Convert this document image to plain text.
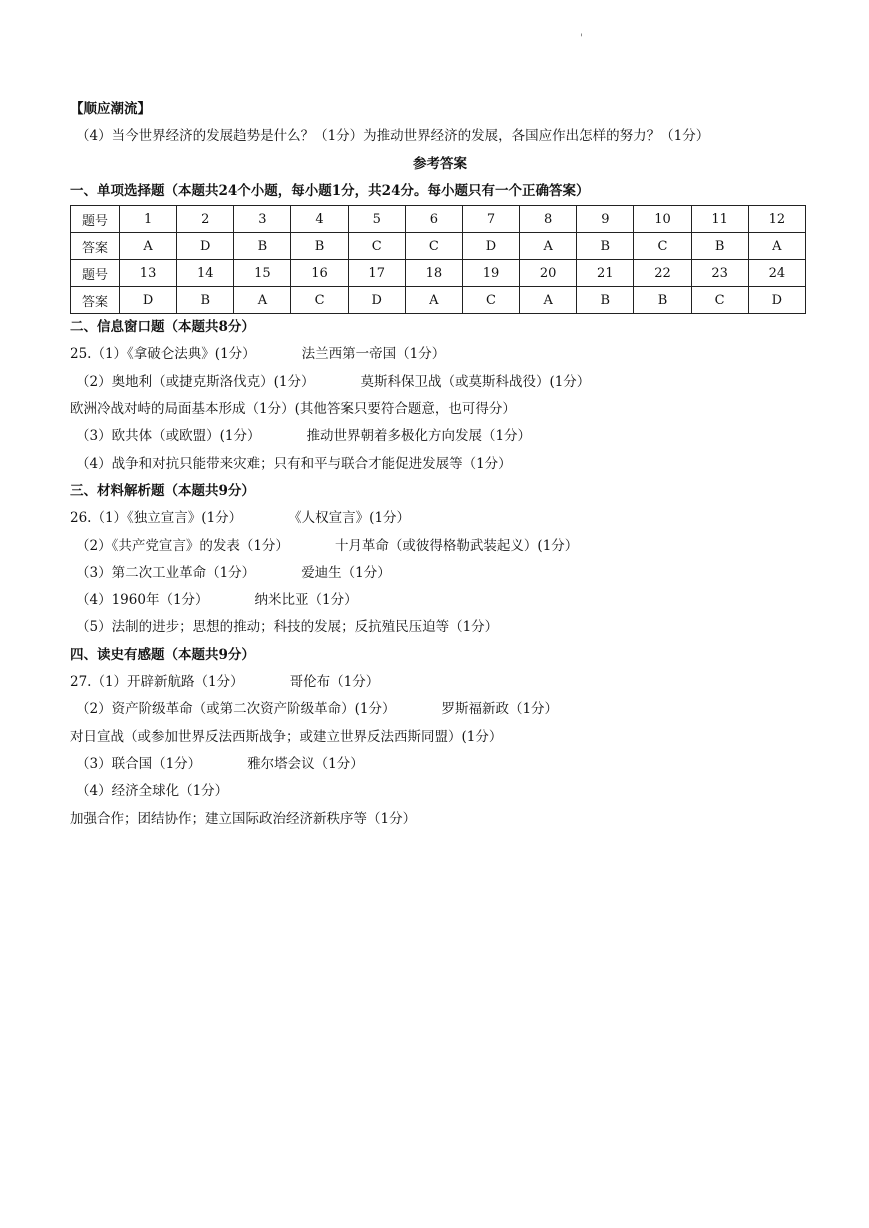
'
【顺应潮流】
（4）当今世界经济的发展趋势是什么？（1分）为推动世界经济的发展，各国应作出怎样的努力？（1分）
参考答案
一、单项选择题（本题共24个小题，每小题1分，共24分。每小题只有一个正确答案）
题号	1	2	3	4	5	6	7	8	9	10	11	12
答案	A	D	B	B	C	C	D	A	B	C	B	A
题号	13	14	15	16	17	18	19	20	21	22	23	24
答案	D	B	A	C	D	A	C	A	B	B	C	D
二、信息窗口题（本题共8分）
25.（1）《拿破仑法典》(1分）	法兰西第一帝国（1分）
（2）奥地利（或捷克斯洛伐克）(1分）	莫斯科保卫战（或莫斯科战役）(1分）
欧洲冷战对峙的局面基本形成（1分）(其他答案只要符合题意，也可得分）
（3）欧共体（或欧盟）(1分）	推动世界朝着多极化方向发展（1分）
（4）战争和对抗只能带来灾难；只有和平与联合才能促进发展等（1分）
三、材料解析题（本题共9分）
26.（1）《独立宣言》(1分）	《人权宣言》(1分）
（2）《共产党宣言》的发表（1分）	十月革命（或彼得格勒武装起义）(1分）
（3）第二次工业革命（1分）	爱迪生（1分）
（4）1960年（1分）	纳米比亚（1分）
（5）法制的进步；思想的推动；科技的发展；反抗殖民压迫等（1分）
四、读史有感题（本题共9分）
27.（1）开辟新航路（1分）	哥伦布（1分）
（2）资产阶级革命（或第二次资产阶级革命）(1分）	罗斯福新政（1分）
对日宣战（或参加世界反法西斯战争；或建立世界反法西斯同盟）(1分）
（3）联合国（1分）	雅尔塔会议（1分）
（4）经济全球化（1分）
加强合作；团结协作；建立国际政治经济新秩序等（1分）
